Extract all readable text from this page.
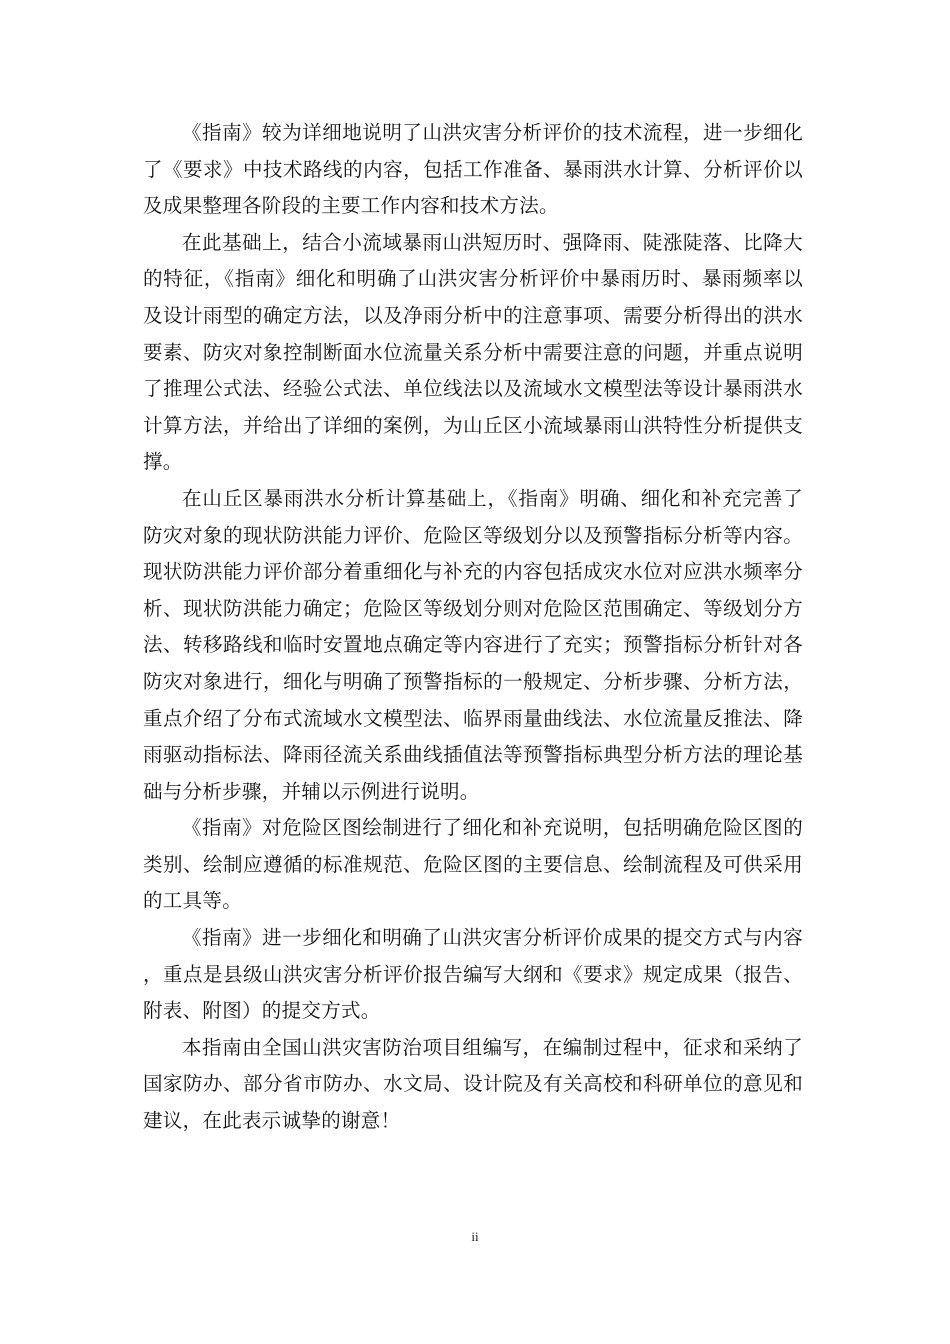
《指南》较为详细地说明了山洪灾害分析评价的技术流程，进一步细化了《要求》中技术路线的内容，包括工作准备、暴雨洪水计算、分析评价以及成果整理各阶段的主要工作内容和技术方法。

在此基础上，结合小流域暴雨山洪短历时、强降雨、陡涨陡落、比降大的特征，《指南》细化和明确了山洪灾害分析评价中暴雨历时、暴雨频率以及设计雨型的确定方法，以及净雨分析中的注意事项、需要分析得出的洪水要素、防灾对象控制断面水位流量关系分析中需要注意的问题，并重点说明了推理公式法、经验公式法、单位线法以及流域水文模型法等设计暴雨洪水计算方法，并给出了详细的案例，为山丘区小流域暴雨山洪特性分析提供支撑。

在山丘区暴雨洪水分析计算基础上，《指南》明确、细化和补充完善了防灾对象的现状防洪能力评价、危险区等级划分以及预警指标分析等内容。现状防洪能力评价部分着重细化与补充的内容包括成灾水位对应洪水频率分析、现状防洪能力确定；危险区等级划分则对危险区范围确定、等级划分方法、转移路线和临时安置地点确定等内容进行了充实；预警指标分析针对各防灾对象进行，细化与明确了预警指标的一般规定、分析步骤、分析方法，重点介绍了分布式流域水文模型法、临界雨量曲线法、水位流量反推法、降雨驱动指标法、降雨径流关系曲线插值法等预警指标典型分析方法的理论基础与分析步骤，并辅以示例进行说明。

《指南》对危险区图绘制进行了细化和补充说明，包括明确危险区图的类别、绘制应遵循的标准规范、危险区图的主要信息、绘制流程及可供采用的工具等。

《指南》进一步细化和明确了山洪灾害分析评价成果的提交方式与内容，重点是县级山洪灾害分析评价报告编写大纲和《要求》规定成果（报告、附表、附图）的提交方式。

本指南由全国山洪灾害防治项目组编写，在编制过程中，征求和采纳了国家防办、部分省市防办、水文局、设计院及有关高校和科研单位的意见和建议，在此表示诚挚的谢意！

ii
